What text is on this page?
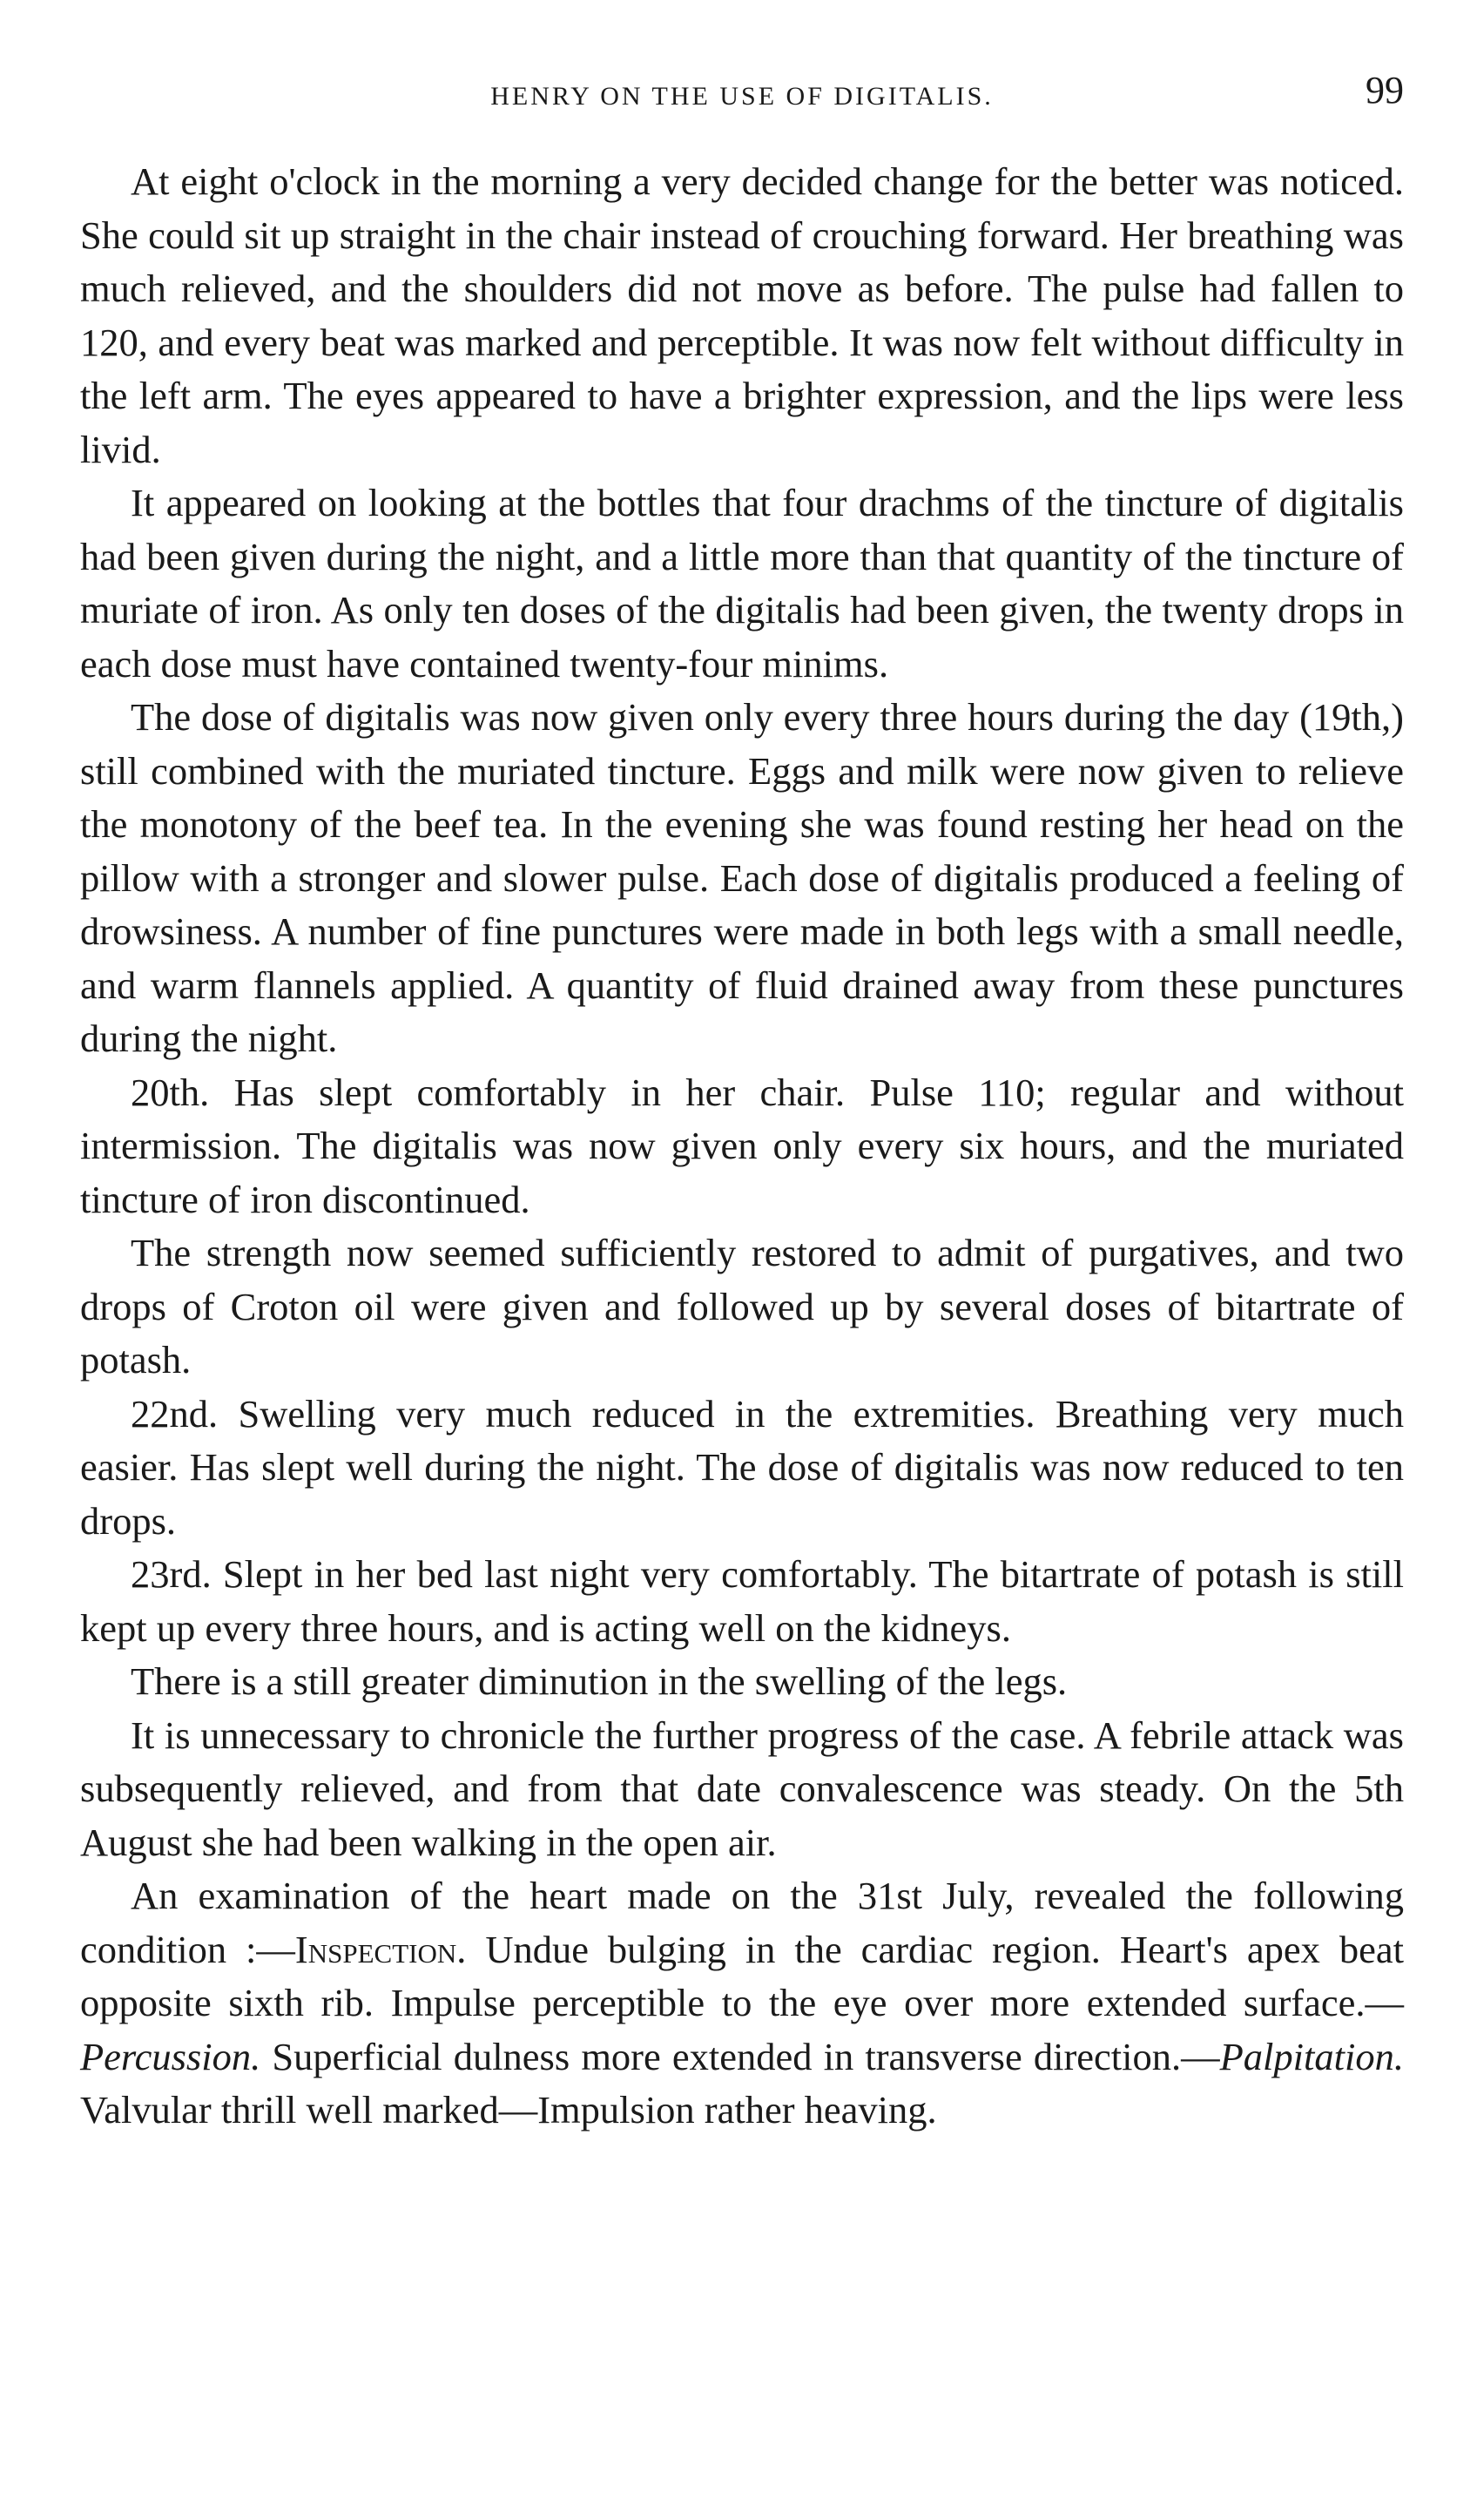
HENRY ON THE USE OF DIGITALIS.	99

At eight o'clock in the morning a very decided change for the better was noticed. She could sit up straight in the chair instead of crouching forward. Her breathing was much relieved, and the shoulders did not move as before. The pulse had fallen to 120, and every beat was marked and perceptible. It was now felt without difficulty in the left arm. The eyes appeared to have a brighter expression, and the lips were less livid.

It appeared on looking at the bottles that four drachms of the tincture of digitalis had been given during the night, and a little more than that quantity of the tincture of muriate of iron. As only ten doses of the digitalis had been given, the twenty drops in each dose must have contained twenty-four minims.

The dose of digitalis was now given only every three hours during the day (19th,) still combined with the muriated tincture. Eggs and milk were now given to relieve the monotony of the beef tea. In the evening she was found resting her head on the pillow with a stronger and slower pulse. Each dose of digitalis produced a feeling of drowsiness. A number of fine punctures were made in both legs with a small needle, and warm flannels applied. A quantity of fluid drained away from these punctures during the night.

20th. Has slept comfortably in her chair. Pulse 110; regular and without intermission. The digitalis was now given only every six hours, and the muriated tincture of iron discontinued.

The strength now seemed sufficiently restored to admit of purgatives, and two drops of Croton oil were given and followed up by several doses of bitartrate of potash.

22nd. Swelling very much reduced in the extremities. Breathing very much easier. Has slept well during the night. The dose of digitalis was now reduced to ten drops.

23rd. Slept in her bed last night very comfortably. The bitartrate of potash is still kept up every three hours, and is acting well on the kidneys.

There is a still greater diminution in the swelling of the legs.

It is unnecessary to chronicle the further progress of the case. A febrile attack was subsequently relieved, and from that date convalescence was steady. On the 5th August she had been walking in the open air.

An examination of the heart made on the 31st July, revealed the following condition :—Inspection. Undue bulging in the cardiac region. Heart's apex beat opposite sixth rib. Impulse perceptible to the eye over more extended surface.—Percussion. Superficial dulness more extended in transverse direction.—Palpitation. Valvular thrill well marked—Impulsion rather heaving.
